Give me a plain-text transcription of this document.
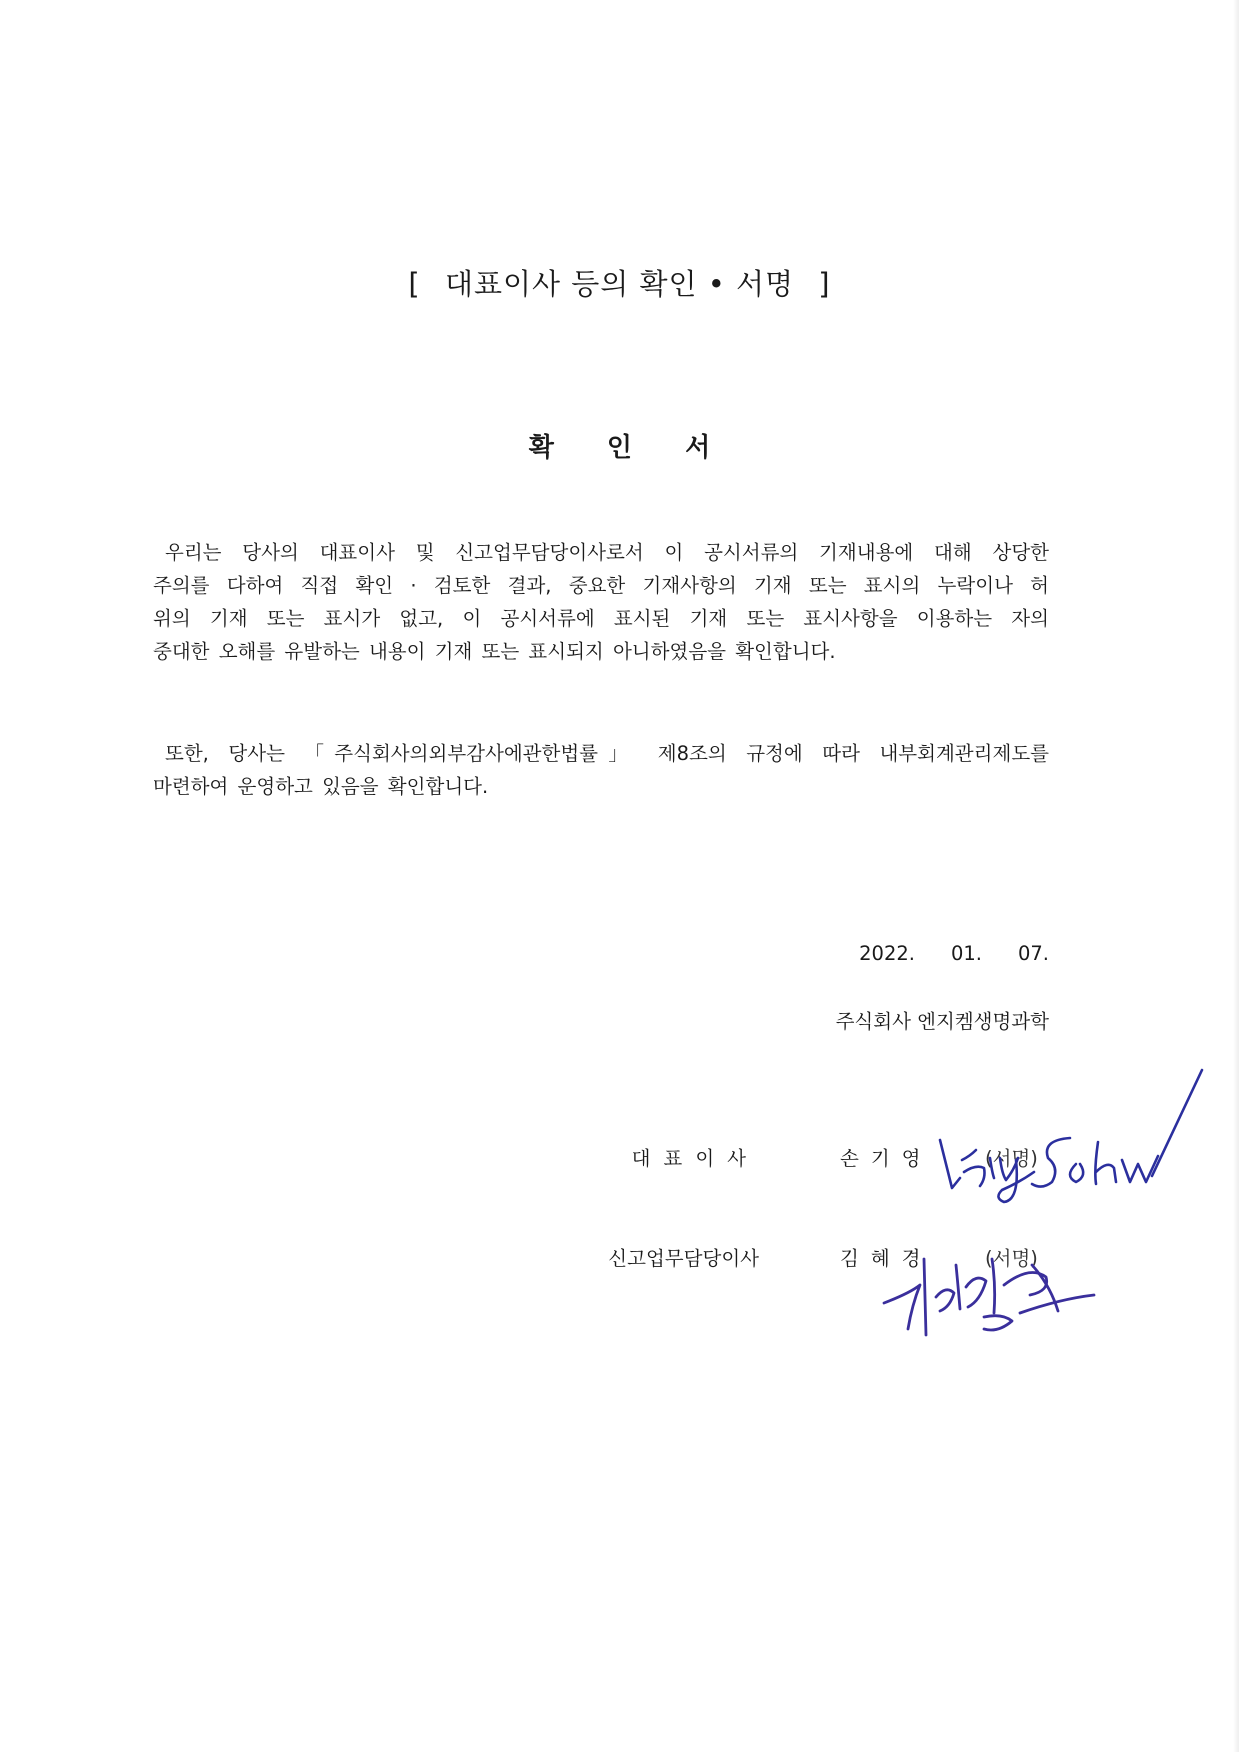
[ 대표이사 등의 확인 • 서명 ]
확 인 서
우리는 당사의 대표이사 및 신고업무담당이사로서 이 공시서류의 기재내용에 대해 상당한
주의를 다하여 직접 확인 · 검토한 결과, 중요한 기재사항의 기재 또는 표시의 누락이나 허
위의 기재 또는 표시가 없고, 이 공시서류에 표시된 기재 또는 표시사항을 이용하는 자의
중대한 오해를 유발하는 내용이 기재 또는 표시되지 아니하였음을 확인합니다.
또한, 당사는 「주식회사의외부감사에관한법률」 제8조의 규정에 따라 내부회계관리제도를
마련하여 운영하고 있음을 확인합니다.
2022. 01. 07.
주식회사 엔지켐생명과학
대표이사	손기영	(서명)
신고업무담당이사	김혜경	(서명)
